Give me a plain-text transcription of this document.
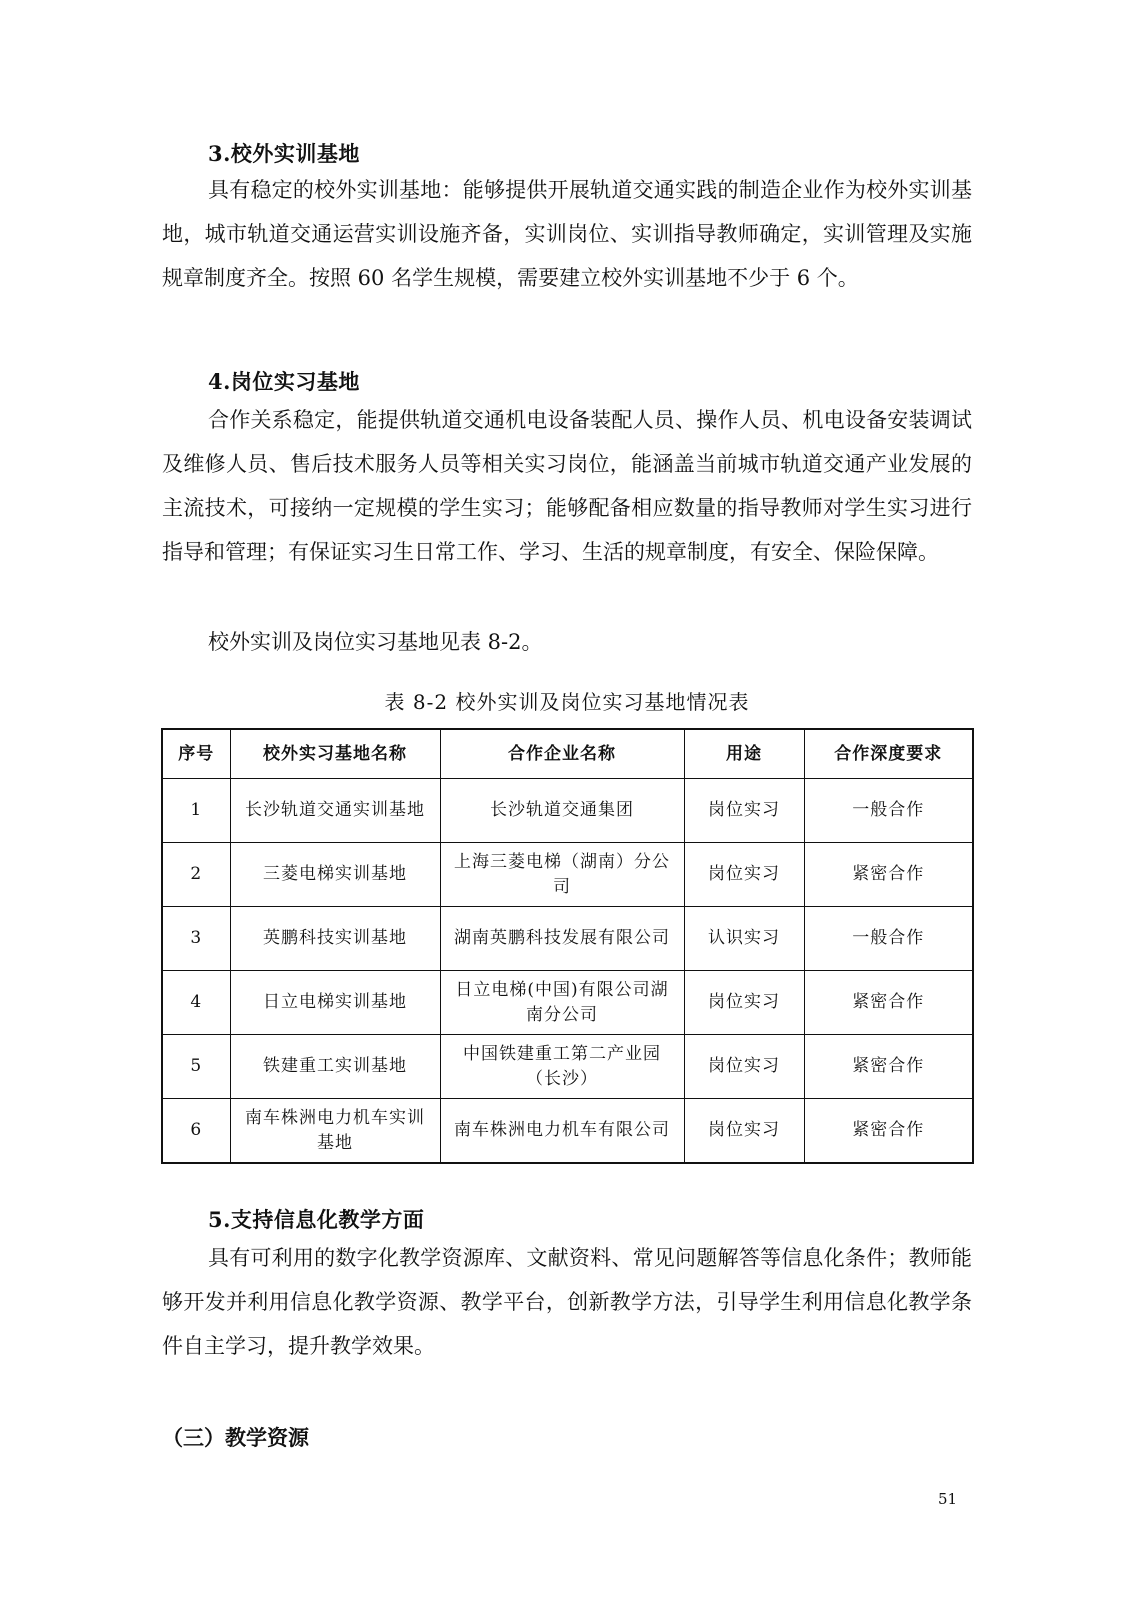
3.校外实训基地
具有稳定的校外实训基地：能够提供开展轨道交通实践的制造企业作为校外实训基地，城市轨道交通运营实训设施齐备，实训岗位、实训指导教师确定，实训管理及实施规章制度齐全。按照 60 名学生规模，需要建立校外实训基地不少于 6 个。
4.岗位实习基地
合作关系稳定，能提供轨道交通机电设备装配人员、操作人员、机电设备安装调试及维修人员、售后技术服务人员等相关实习岗位，能涵盖当前城市轨道交通产业发展的主流技术，可接纳一定规模的学生实习；能够配备相应数量的指导教师对学生实习进行指导和管理；有保证实习生日常工作、学习、生活的规章制度，有安全、保险保障。
校外实训及岗位实习基地见表 8-2。
表 8-2 校外实训及岗位实习基地情况表
序号	校外实习基地名称	合作企业名称	用途	合作深度要求
1	长沙轨道交通实训基地	长沙轨道交通集团	岗位实习	一般合作
2	三菱电梯实训基地	上海三菱电梯（湖南）分公司	岗位实习	紧密合作
3	英鹏科技实训基地	湖南英鹏科技发展有限公司	认识实习	一般合作
4	日立电梯实训基地	日立电梯(中国)有限公司湖南分公司	岗位实习	紧密合作
5	铁建重工实训基地	中国铁建重工第二产业园（长沙）	岗位实习	紧密合作
6	南车株洲电力机车实训基地	南车株洲电力机车有限公司	岗位实习	紧密合作
5.支持信息化教学方面
具有可利用的数字化教学资源库、文献资料、常见问题解答等信息化条件；教师能够开发并利用信息化教学资源、教学平台，创新教学方法，引导学生利用信息化教学条件自主学习，提升教学效果。
（三）教学资源
51
